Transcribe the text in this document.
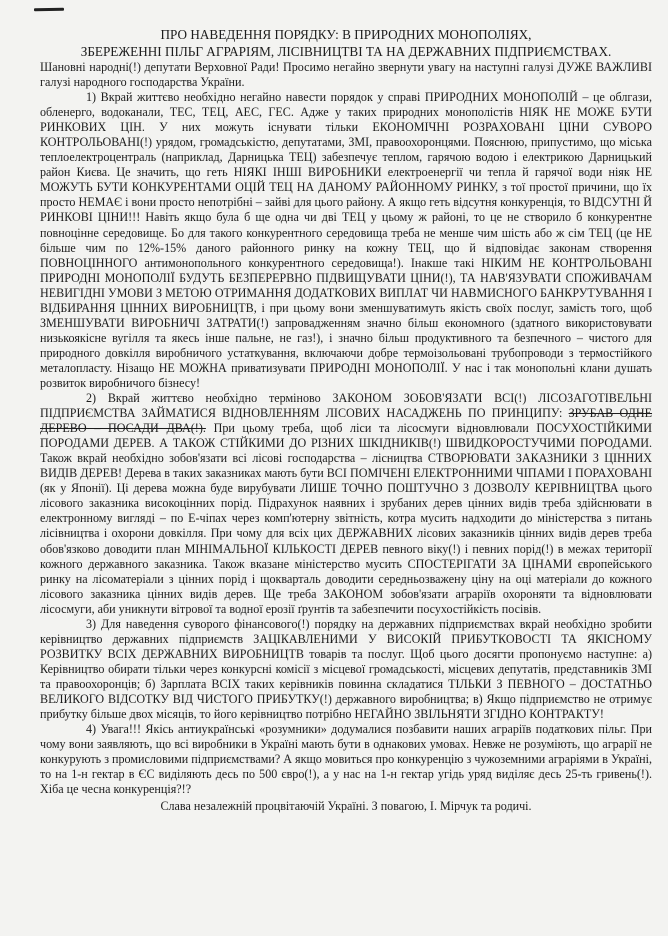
ПРО НАВЕДЕННЯ ПОРЯДКУ: В ПРИРОДНИХ МОНОПОЛІЯХ,

ЗБЕРЕЖЕННІ ПІЛЬГ АГРАРІЯМ, ЛІСІВНИЦТВІ ТА НА ДЕРЖАВНИХ ПІДПРИЄМСТВАХ.

Шановні народні(!) депутати Верховної Ради! Просимо негайно звернути увагу на наступні галузі ДУЖЕ ВАЖЛИВІ галузі народного господарства України.

1) Вкрай життєво необхідно негайно навести порядок у справі ПРИРОДНИХ МОНОПОЛІЙ – це облгази, обленерго, водоканали, ТЕС, ТЕЦ, АЕС, ГЕС. Адже у таких природних монополістів НІЯК НЕ МОЖЕ БУТИ РИНКОВИХ ЦІН. У них можуть існувати тільки ЕКОНОМІЧНІ РОЗРАХОВАНІ ЦІНИ СУВОРО КОНТРОЛЬОВАНІ(!) урядом, громадськістю, депутатами, ЗМІ, правоохоронцями. Пояснюю, припустимо, що міська теплоелектроцентраль (наприклад, Дарницька ТЕЦ) забезпечує теплом, гарячою водою і електрикою Дарницький район Києва. Це значить, що геть НІЯКІ ІНШІ ВИРОБНИКИ електроенергії чи тепла й гарячої води ніяк НЕ МОЖУТЬ БУТИ КОНКУРЕНТАМИ ОЦІЙ ТЕЦ НА ДАНОМУ РАЙОННОМУ РИНКУ, з тої простої причини, що їх просто НЕМАЄ і вони просто непотрібні – зайві для цього району. А якщо геть відсутня конкуренція, то ВІДСУТНІ Й РИНКОВІ ЦІНИ!!! Навіть якщо була б ще одна чи дві ТЕЦ у цьому ж районі, то це не створило б конкурентне повноцінне середовище. Бо для такого конкурентного середовища треба не менше чим шість або ж сім ТЕЦ (це НЕ більше чим по 12%-15% даного районного ринку на кожну ТЕЦ, що й відповідає законам створення ПОВНОЦІННОГО антимонопольного конкурентного середовища!). Інакше такі НІКИМ НЕ КОНТРОЛЬОВАНІ ПРИРОДНІ МОНОПОЛІЇ БУДУТЬ БЕЗПЕРЕРВНО ПІДВИЩУВАТИ ЦІНИ(!), ТА НАВ'ЯЗУВАТИ СПОЖИВАЧАМ НЕВИГІДНІ УМОВИ З МЕТОЮ ОТРИМАННЯ ДОДАТКОВИХ ВИПЛАТ ЧИ НАВМИСНОГО БАНКРУТУВАННЯ І ВІДБИРАННЯ ЦІННИХ ВИРОБНИЦТВ, і при цьому вони зменшуватимуть якість своїх послуг, замість того, щоб ЗМЕНШУВАТИ ВИРОБНИЧІ ЗАТРАТИ(!) запровадженням значно більш економного (здатного використовувати низькоякісне вугілля та якесь інше пальне, не газ!), і значно більш продуктивного та безпечного – чистого для природного довкілля виробничого устаткування, включаючи добре термоізольовані трубопроводи з термостійкого металопласту. Нізащо НЕ МОЖНА приватизувати ПРИРОДНІ МОНОПОЛІЇ. У нас і так монопольні клани душать розвиток виробничого бізнесу!

2) Вкрай життєво необхідно терміново ЗАКОНОМ ЗОБОВ'ЯЗАТИ ВСІ(!) ЛІСОЗАГОТІВЕЛЬНІ ПІДПРИЄМСТВА ЗАЙМАТИСЯ ВІДНОВЛЕННЯМ ЛІСОВИХ НАСАДЖЕНЬ ПО ПРИНЦИПУ: ЗРУБАВ ОДНЕ ДЕРЕВО – ПОСАДИ ДВА(!). При цьому треба, щоб ліси та лісосмуги відновлювали ПОСУХОСТІЙКИМИ ПОРОДАМИ ДЕРЕВ. А ТАКОЖ СТІЙКИМИ ДО РІЗНИХ ШКІДНИКІВ(!) ШВИДКОРОСТУЧИМИ ПОРОДАМИ. Також вкрай необхідно зобов'язати всі лісові господарства – лісництва СТВОРЮВАТИ ЗАКАЗНИКИ З ЦІННИХ ВИДІВ ДЕРЕВ! Дерева в таких заказниках мають бути ВСІ ПОМІЧЕНІ ЕЛЕКТРОННИМИ ЧІПАМИ І ПОРАХОВАНІ (як у Японії). Ці дерева можна буде вирубувати ЛИШЕ ТОЧНО ПОШТУЧНО З ДОЗВОЛУ КЕРІВНИЦТВА цього лісового заказника високоцінних порід. Підрахунок наявних і зрубаних дерев цінних видів треба здійснювати в електронному вигляді – по Е-чіпах через комп'ютерну звітність, котра мусить надходити до міністерства з питань лісівництва і охорони довкілля. При чому для всіх цих ДЕРЖАВНИХ лісових заказників цінних видів дерев треба обов'язково доводити план МІНІМАЛЬНОЇ КІЛЬКОСТІ ДЕРЕВ певного віку(!) і певних порід(!) в межах території кожного державного заказника. Також вказане міністерство мусить СПОСТЕРІГАТИ ЗА ЦІНАМИ європейського ринку на лісоматеріали з цінних порід і щокварталь доводити середньозважену ціну на оці матеріали до кожного лісового заказника цінних видів дерев. Ще треба ЗАКОНОМ зобов'язати аграріїв охороняти та відновлювати лісосмуги, аби уникнути вітрової та водної ерозії ґрунтів та забезпечити посухостійкість посівів.

3) Для наведення суворого фінансового(!) порядку на державних підприємствах вкрай необхідно зробити керівництво державних підприємств ЗАЦІКАВЛЕНИМИ У ВИСОКІЙ ПРИБУТКОВОСТІ ТА ЯКІСНОМУ РОЗВИТКУ ВСІХ ДЕРЖАВНИХ ВИРОБНИЦТВ товарів та послуг. Щоб цього досягти пропонуємо наступне: а) Керівництво обирати тільки через конкурсні комісії з місцевої громадськості, місцевих депутатів, представників ЗМІ та правоохоронців; б) Зарплата ВСІХ таких керівників повинна складатися ТІЛЬКИ З ПЕВНОГО – ДОСТАТНЬО ВЕЛИКОГО ВІДСОТКУ ВІД ЧИСТОГО ПРИБУТКУ(!) державного виробництва; в) Якщо підприємство не отримує прибутку більше двох місяців, то його керівництво потрібно НЕГАЙНО ЗВІЛЬНЯТИ ЗГІДНО КОНТРАКТУ!

4) Увага!!! Якісь антиукраїнські «розумники» додумалися позбавити наших аграріїв податкових пільг. При чому вони заявляють, що всі виробники в Україні мають бути в однакових умовах. Невже не розуміють, що аграрії не конкурують з промисловими підприємствами? А якщо мовиться про конкуренцію з чужоземними аграріями в Україні, то на 1-н гектар в ЄС виділяють десь по 500 євро(!), а у нас на 1-н гектар угідь уряд виділяє десь 25-ть гривень(!). Хіба це чесна конкуренція?!?

Слава незалежній процвітаючій Україні. З повагою, І. Мірчук та родичі.
